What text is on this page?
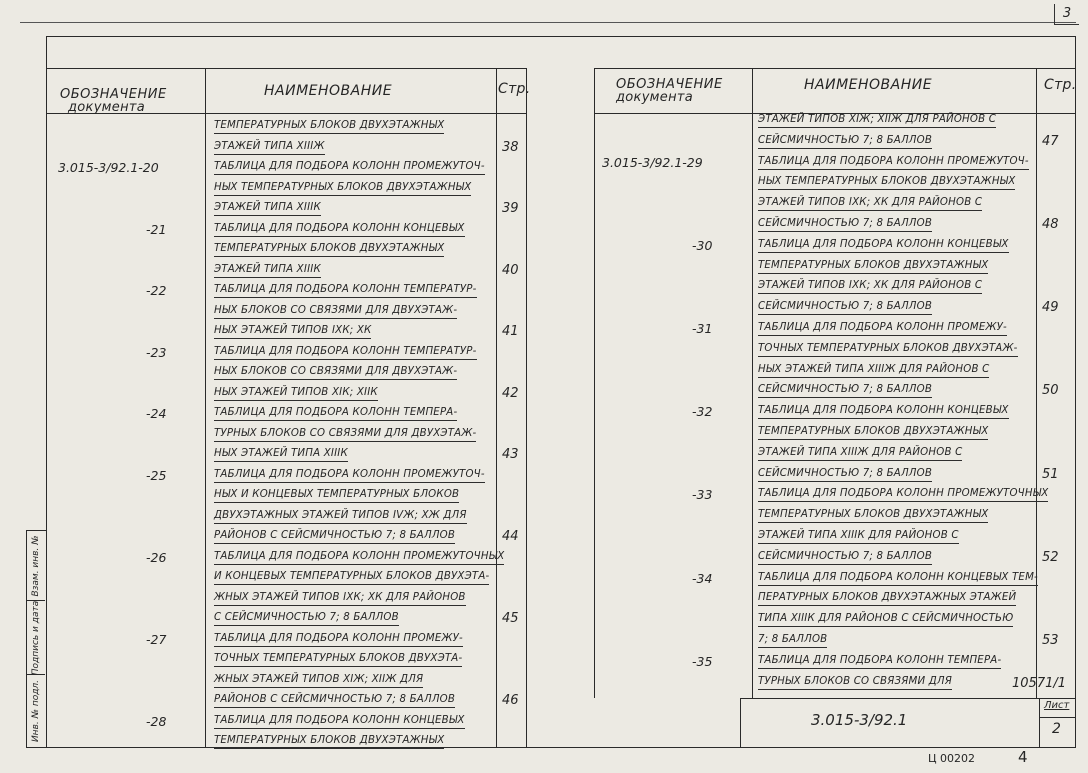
3
ОБОЗНАЧЕНИЕ
документа
НАИМЕНОВАНИЕ	Стр.
ТЕМПЕРАТУРНЫХ БЛОКОВ ДВУХЭТАЖНЫХ
ЭТАЖЕЙ ТИПА XIIIЖ	38
3.015-3/92.1-20	ТАБЛИЦА ДЛЯ ПОДБОРА КОЛОНН ПРОМЕЖУТОЧ-
НЫХ ТЕМПЕРАТУРНЫХ БЛОКОВ ДВУХЭТАЖНЫХ
ЭТАЖЕЙ ТИПА XIIIК	39
-21	ТАБЛИЦА ДЛЯ ПОДБОРА КОЛОНН КОНЦЕВЫХ
ТЕМПЕРАТУРНЫХ БЛОКОВ ДВУХЭТАЖНЫХ
ЭТАЖЕЙ ТИПА XIIIК	40
-22	ТАБЛИЦА ДЛЯ ПОДБОРА КОЛОНН ТЕМПЕРАТУР-
НЫХ БЛОКОВ СО СВЯЗЯМИ ДЛЯ ДВУХЭТАЖ-
НЫХ ЭТАЖЕЙ ТИПОВ IXК; XК	41
-23	ТАБЛИЦА ДЛЯ ПОДБОРА КОЛОНН ТЕМПЕРАТУР-
НЫХ БЛОКОВ СО СВЯЗЯМИ ДЛЯ ДВУХЭТАЖ-
НЫХ ЭТАЖЕЙ ТИПОВ XIК; XIIК	42
-24	ТАБЛИЦА ДЛЯ ПОДБОРА КОЛОНН ТЕМПЕРА-
ТУРНЫХ БЛОКОВ СО СВЯЗЯМИ ДЛЯ ДВУХЭТАЖ-
НЫХ ЭТАЖЕЙ ТИПА XIIIК	43
-25	ТАБЛИЦА ДЛЯ ПОДБОРА КОЛОНН ПРОМЕЖУТОЧ-
НЫХ И КОНЦЕВЫХ ТЕМПЕРАТУРНЫХ БЛОКОВ
ДВУХЭТАЖНЫХ ЭТАЖЕЙ ТИПОВ IVЖ; XЖ ДЛЯ
РАЙОНОВ С СЕЙСМИЧНОСТЬЮ 7; 8 БАЛЛОВ	44
-26	ТАБЛИЦА ДЛЯ ПОДБОРА КОЛОНН ПРОМЕЖУТОЧНЫХ
И КОНЦЕВЫХ ТЕМПЕРАТУРНЫХ БЛОКОВ ДВУХЭТА-
ЖНЫХ ЭТАЖЕЙ ТИПОВ IXК; XК ДЛЯ РАЙОНОВ
С СЕЙСМИЧНОСТЬЮ 7; 8 БАЛЛОВ	45
-27	ТАБЛИЦА ДЛЯ ПОДБОРА КОЛОНН ПРОМЕЖУ-
ТОЧНЫХ ТЕМПЕРАТУРНЫХ БЛОКОВ ДВУХЭТА-
ЖНЫХ ЭТАЖЕЙ ТИПОВ XIЖ; XIIЖ ДЛЯ
РАЙОНОВ С СЕЙСМИЧНОСТЬЮ 7; 8 БАЛЛОВ	46
-28	ТАБЛИЦА ДЛЯ ПОДБОРА КОЛОНН КОНЦЕВЫХ
ТЕМПЕРАТУРНЫХ БЛОКОВ ДВУХЭТАЖНЫХ
ОБОЗНАЧЕНИЕ
документа
НАИМЕНОВАНИЕ	Стр.
ЭТАЖЕЙ ТИПОВ XIЖ; XIIЖ ДЛЯ РАЙОНОВ С
СЕЙСМИЧНОСТЬЮ 7; 8 БАЛЛОВ	47
3.015-3/92.1-29	ТАБЛИЦА ДЛЯ ПОДБОРА КОЛОНН ПРОМЕЖУТОЧ-
НЫХ ТЕМПЕРАТУРНЫХ БЛОКОВ ДВУХЭТАЖНЫХ
ЭТАЖЕЙ ТИПОВ IXК; XК ДЛЯ РАЙОНОВ С
СЕЙСМИЧНОСТЬЮ 7; 8 БАЛЛОВ	48
-30	ТАБЛИЦА ДЛЯ ПОДБОРА КОЛОНН КОНЦЕВЫХ
ТЕМПЕРАТУРНЫХ БЛОКОВ ДВУХЭТАЖНЫХ
ЭТАЖЕЙ ТИПОВ IXК; XК ДЛЯ РАЙОНОВ С
СЕЙСМИЧНОСТЬЮ 7; 8 БАЛЛОВ	49
-31	ТАБЛИЦА ДЛЯ ПОДБОРА КОЛОНН ПРОМЕЖУ-
ТОЧНЫХ ТЕМПЕРАТУРНЫХ БЛОКОВ ДВУХЭТАЖ-
НЫХ ЭТАЖЕЙ ТИПА XIIIЖ ДЛЯ РАЙОНОВ С
СЕЙСМИЧНОСТЬЮ 7; 8 БАЛЛОВ	50
-32	ТАБЛИЦА ДЛЯ ПОДБОРА КОЛОНН КОНЦЕВЫХ
ТЕМПЕРАТУРНЫХ БЛОКОВ ДВУХЭТАЖНЫХ
ЭТАЖЕЙ ТИПА XIIIЖ ДЛЯ РАЙОНОВ С
СЕЙСМИЧНОСТЬЮ 7; 8 БАЛЛОВ	51
-33	ТАБЛИЦА ДЛЯ ПОДБОРА КОЛОНН ПРОМЕЖУТОЧНЫХ
ТЕМПЕРАТУРНЫХ БЛОКОВ ДВУХЭТАЖНЫХ
ЭТАЖЕЙ ТИПА XIIIК ДЛЯ РАЙОНОВ С
СЕЙСМИЧНОСТЬЮ 7; 8 БАЛЛОВ	52
-34	ТАБЛИЦА ДЛЯ ПОДБОРА КОЛОНН КОНЦЕВЫХ ТЕМ-
ПЕРАТУРНЫХ БЛОКОВ ДВУХЭТАЖНЫХ ЭТАЖЕЙ
ТИПА XIIIК ДЛЯ РАЙОНОВ С СЕЙСМИЧНОСТЬЮ
7; 8 БАЛЛОВ	53
-35	ТАБЛИЦА ДЛЯ ПОДБОРА КОЛОНН ТЕМПЕРА-
ТУРНЫХ БЛОКОВ СО СВЯЗЯМИ ДЛЯ
Взам. инв. №
Подпись и дата
Инв. № подл.	10571/1
3.015-3/92.1
Лист
2
Ц 00202	4
